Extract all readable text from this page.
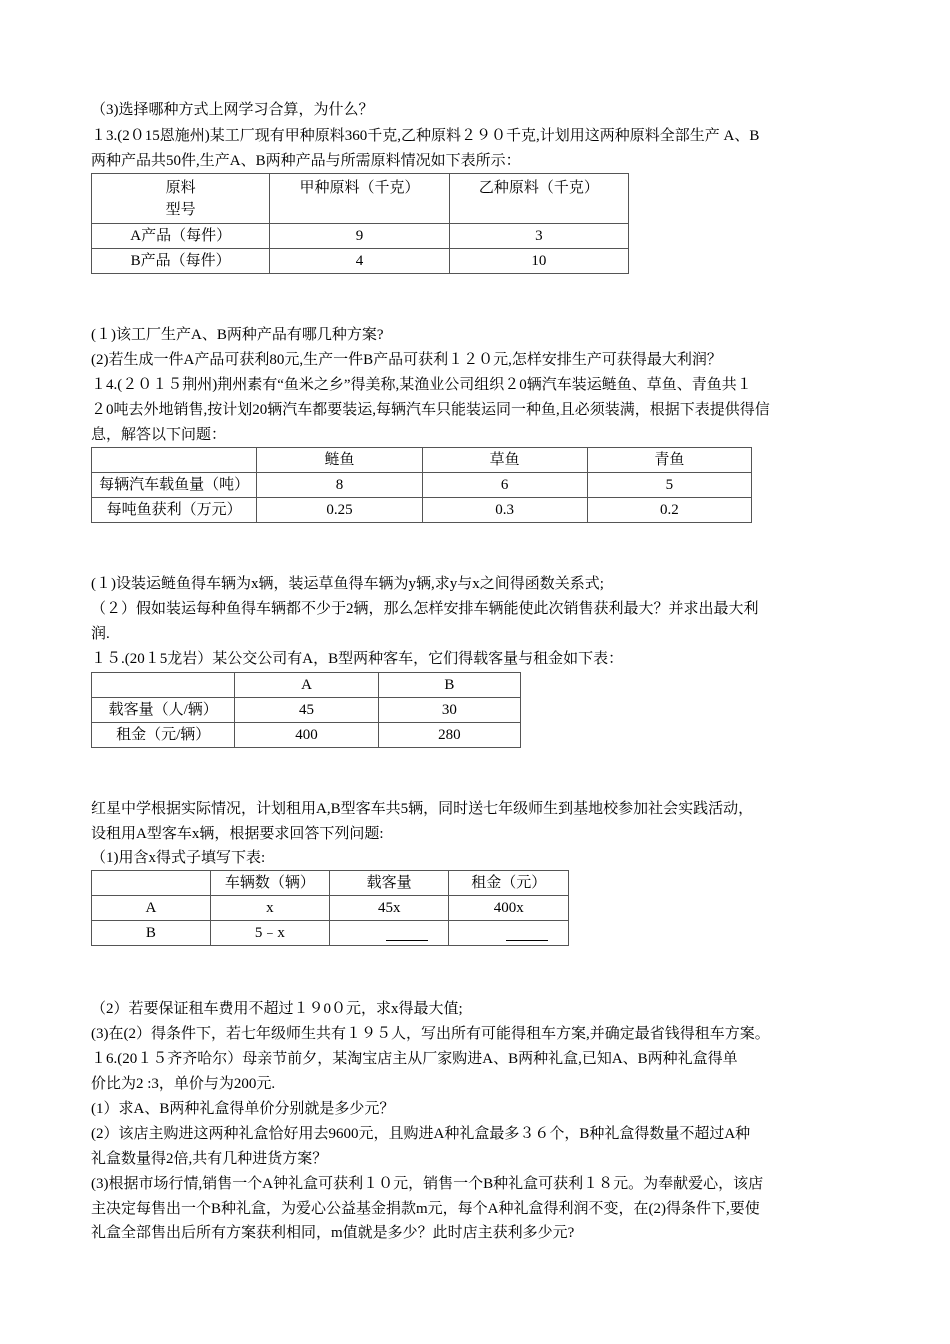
（3)选择哪种方式上网学习合算，为什么？
１3.(2０15恩施州)某工厂现有甲种原料360千克,乙种原料２９０千克,计划用这两种原料全部生产 A、B
两种产品共50件,生产A、B两种产品与所需原料情况如下表所示：
原料
型号	甲种原料（千克）	乙种原料（千克）
A产品（每件）	9	3
B产品（每件）	4	10
(１)该工厂生产A、B两种产品有哪几种方案?
(2)若生成一件A产品可获利80元,生产一件B产品可获利１２０元,怎样安排生产可获得最大利润？
１4.(２０１５荆州)荆州素有“鱼米之乡”得美称,某渔业公司组织２0辆汽车装运鲢鱼、草鱼、青鱼共１
２0吨去外地销售,按计划20辆汽车都要装运,每辆汽车只能装运同一种鱼,且必须装满，根据下表提供得信
息，解答以下问题：
	鲢鱼	草鱼	青鱼
每辆汽车载鱼量（吨）	8	6	5
每吨鱼获利（万元）	0.25	0.3	0.2
(１)设装运鲢鱼得车辆为x辆，装运草鱼得车辆为y辆,求y与x之间得函数关系式;
（２）假如装运每种鱼得车辆都不少于2辆，那么怎样安排车辆能使此次销售获利最大？并求出最大利
润.
１５.(20１5龙岩）某公交公司有A，B型两种客车，它们得载客量与租金如下表：
	A	B
载客量（人/辆）	45	30
租金（元/辆）	400	280
红星中学根据实际情况，计划租用A,B型客车共5辆，同时送七年级师生到基地校参加社会实践活动，
设租用A型客车x辆，根据要求回答下列问题:
（1)用含x得式子填写下表:
	车辆数（辆）	载客量	租金（元）
A	x	45x	400x
B	5﹣x		
（2）若要保证租车费用不超过１９0０元，求x得最大值;
(3)在(2）得条件下，若七年级师生共有１９５人，写出所有可能得租车方案,并确定最省钱得租车方案。
１6.(20１５齐齐哈尔）母亲节前夕，某淘宝店主从厂家购进A、B两种礼盒,已知A、B两种礼盒得单
价比为2 :3，单价与为200元.
(1）求A、B两种礼盒得单价分别就是多少元？
(2）该店主购进这两种礼盒恰好用去9600元，且购进A种礼盒最多３６个，B种礼盒得数量不超过A种
礼盒数量得2倍,共有几种进货方案？
(3)根据市场行情,销售一个A钟礼盒可获利１０元，销售一个B种礼盒可获利１８元。为奉献爱心，该店
主决定每售出一个B种礼盒，为爱心公益基金捐款m元，每个A种礼盒得利润不变，在(2)得条件下,要使
礼盒全部售出后所有方案获利相同，m值就是多少？此时店主获利多少元?
